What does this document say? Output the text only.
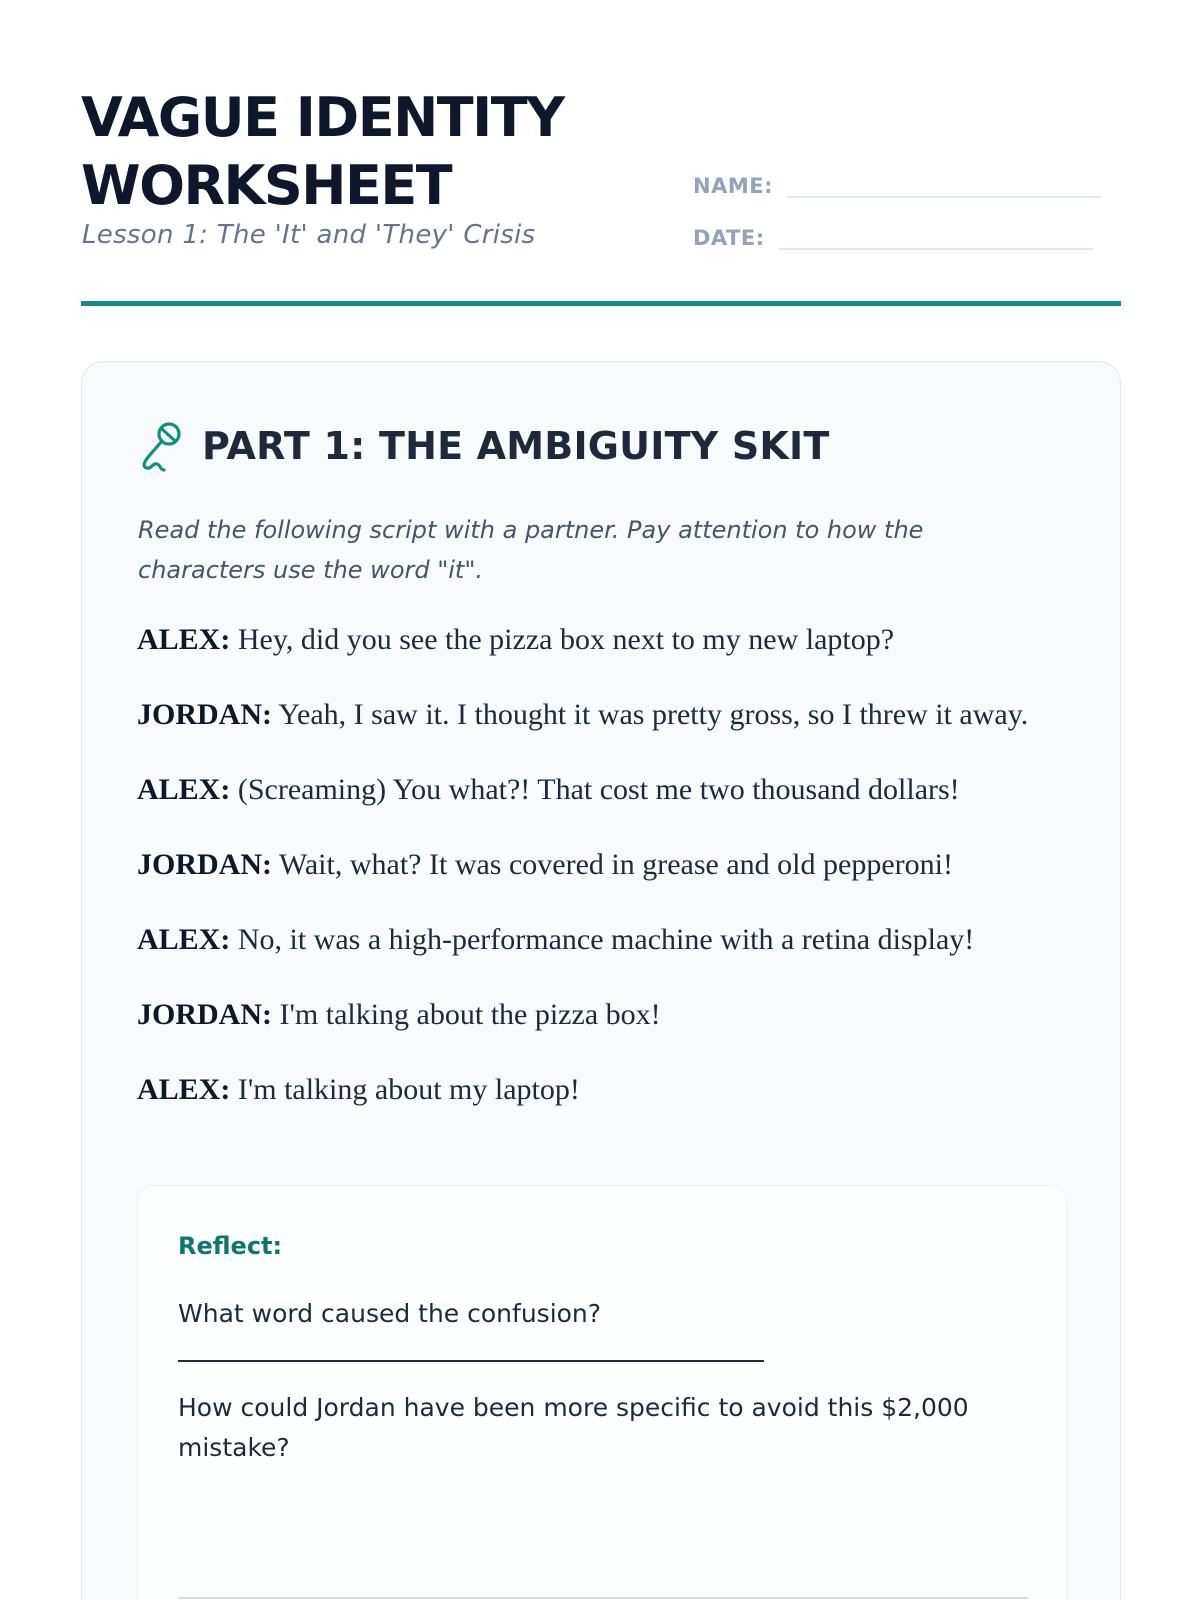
VAGUE IDENTITY
WORKSHEET

Lesson 1: The 'It' and 'They' Crisis

NAME:
DATE:
PART 1: THE AMBIGUITY SKIT

Read the following script with a partner. Pay attention to how the characters use the word "it".

ALEX: Hey, did you see the pizza box next to my new laptop?
JORDAN: Yeah, I saw it. I thought it was pretty gross, so I threw it away.
ALEX: (Screaming) You what?! That cost me two thousand dollars!
JORDAN: Wait, what? It was covered in grease and old pepperoni!
ALEX: No, it was a high-performance machine with a retina display!
JORDAN: I'm talking about the pizza box!
ALEX: I'm talking about my laptop!
Reflect:

What word caused the confusion?

How could Jordan have been more specific to avoid this $2,000 mistake?
